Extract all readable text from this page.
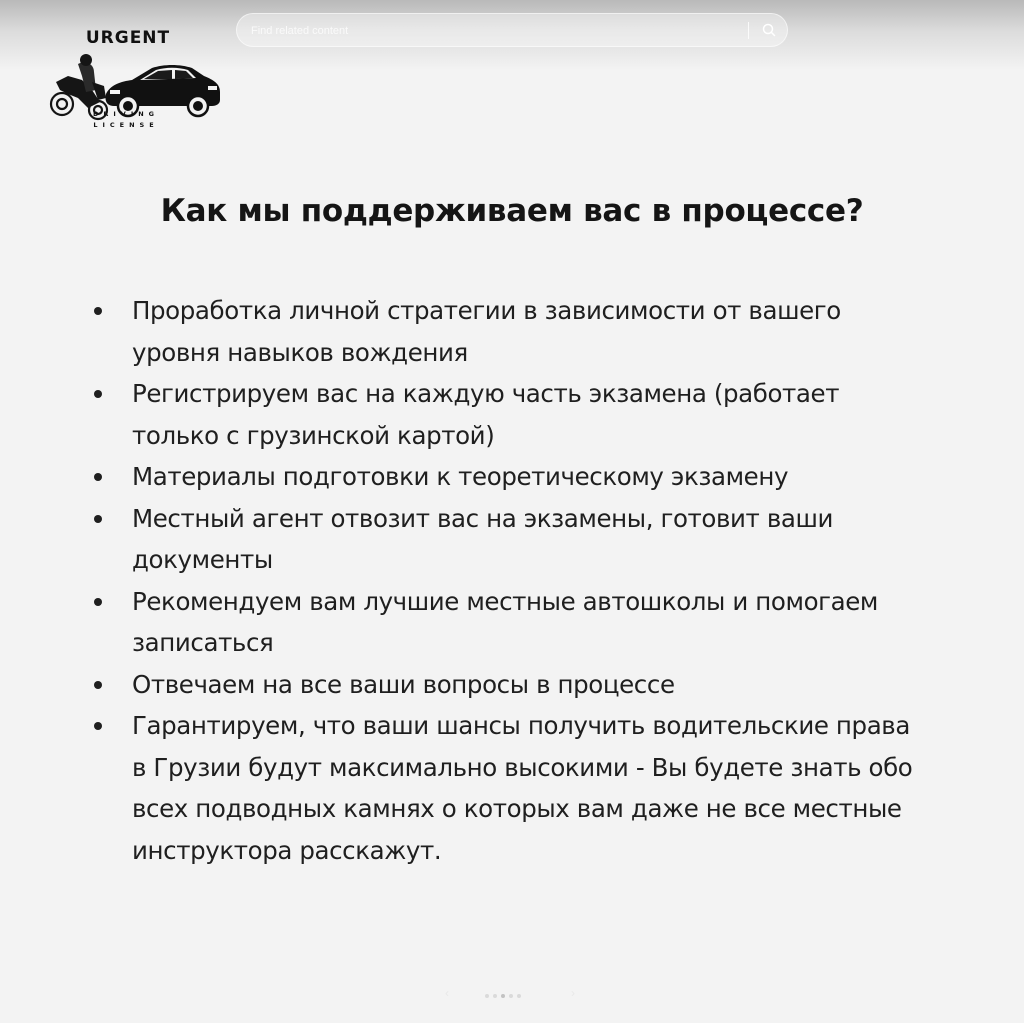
Find related content
URGENT
DRIVING
LICENSE
Как мы поддерживаем вас в процессе?
Проработка личной стратегии в зависимости от вашего уровня навыков вождения
Регистрируем вас на каждую часть экзамена (работает только с грузинской картой)
Материалы подготовки к теоретическому экзамену
Местный агент отвозит вас на экзамены, готовит ваши документы
Рекомендуем вам лучшие местные автошколы и помогаем записаться
Отвечаем на все ваши вопросы в процессе
Гарантируем, что ваши шансы получить водительские права в Грузии будут максимально высокими - Вы будете знать обо всех подводных камнях о которых вам даже не все местные инструктора расскажут.
‹	›
